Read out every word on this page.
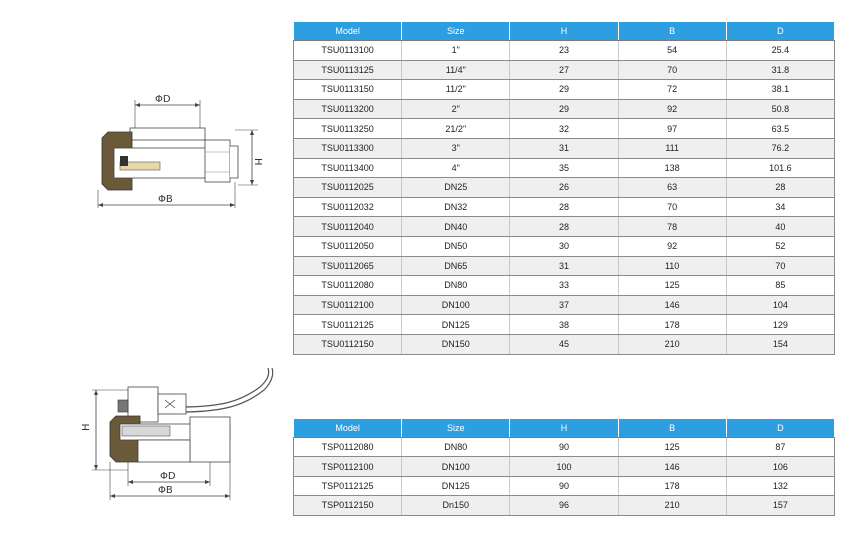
ΦD
H
ΦB
Model	Size	H	B	D
TSU0113100	1"	23	54	25.4
TSU0113125	11/4"	27	70	31.8
TSU0113150	11/2"	29	72	38.1
TSU0113200	2"	29	92	50.8
TSU0113250	21/2"	32	97	63.5
TSU0113300	3"	31	111	76.2
TSU0113400	4"	35	138	101.6
TSU0112025	DN25	26	63	28
TSU0112032	DN32	28	70	34
TSU0112040	DN40	28	78	40
TSU0112050	DN50	30	92	52
TSU0112065	DN65	31	110	70
TSU0112080	DN80	33	125	85
TSU0112100	DN100	37	146	104
TSU0112125	DN125	38	178	129
TSU0112150	DN150	45	210	154
H
ΦD
ΦB
Model	Size	H	B	D
TSP0112080	DN80	90	125	87
TSP0112100	DN100	100	146	106
TSP0112125	DN125	90	178	132
TSP0112150	Dn150	96	210	157
